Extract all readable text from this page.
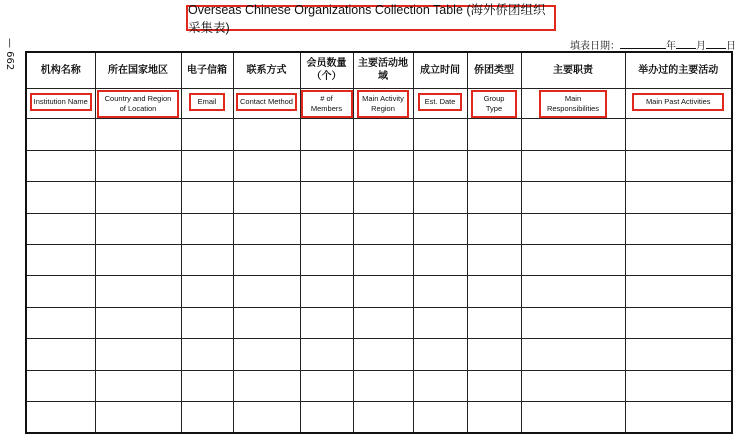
Overseas Chinese Organizations Collection Table (海外侨团组织采集表)
— 662
填表日期：	年 月 日
机构名称	所在国家地区	电子信箱	联系方式	会员数量（个）	主要活动地域	成立时间	侨团类型	主要职责	举办过的主要活动
Institution Name	Country and Region of Location	Email	Contact Method	# of Members	Main Activity Region	Est. Date	Group Type	Main Responsibilities	Main Past Activities
